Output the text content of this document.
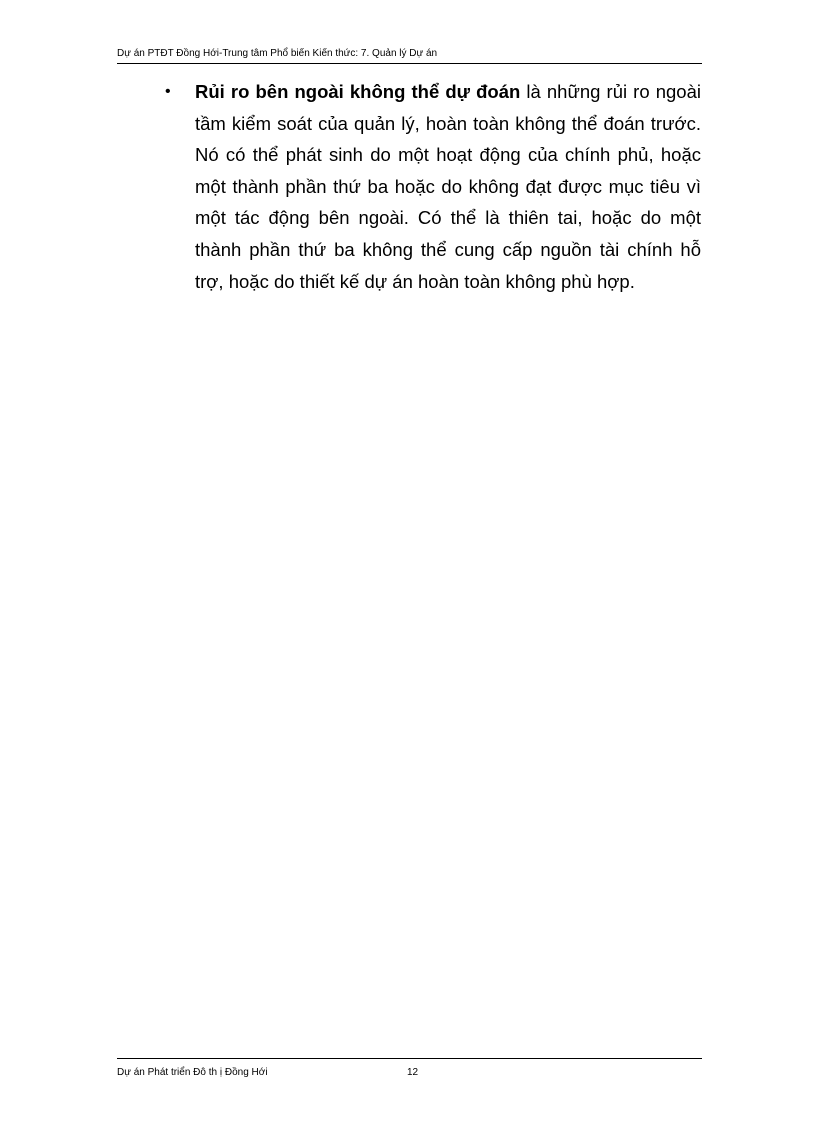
Dự án PTĐT Đồng Hới-Trung tâm Phổ biến Kiến thức: 7. Quản lý Dự án
•	Rủi ro bên ngoài không thể dự đoán là những rủi ro ngoài tầm kiểm soát của quản lý, hoàn toàn không thể đoán trước. Nó có thể phát sinh do một hoạt động của chính phủ, hoặc một thành phần thứ ba hoặc do không đạt được mục tiêu vì một tác động bên ngoài. Có thể là thiên tai, hoặc do một thành phần thứ ba không thể cung cấp nguồn tài chính hỗ trợ, hoặc do thiết kế dự án hoàn toàn không phù hợp.
Dự án Phát triển Đô th ị Đồng Hới	12
